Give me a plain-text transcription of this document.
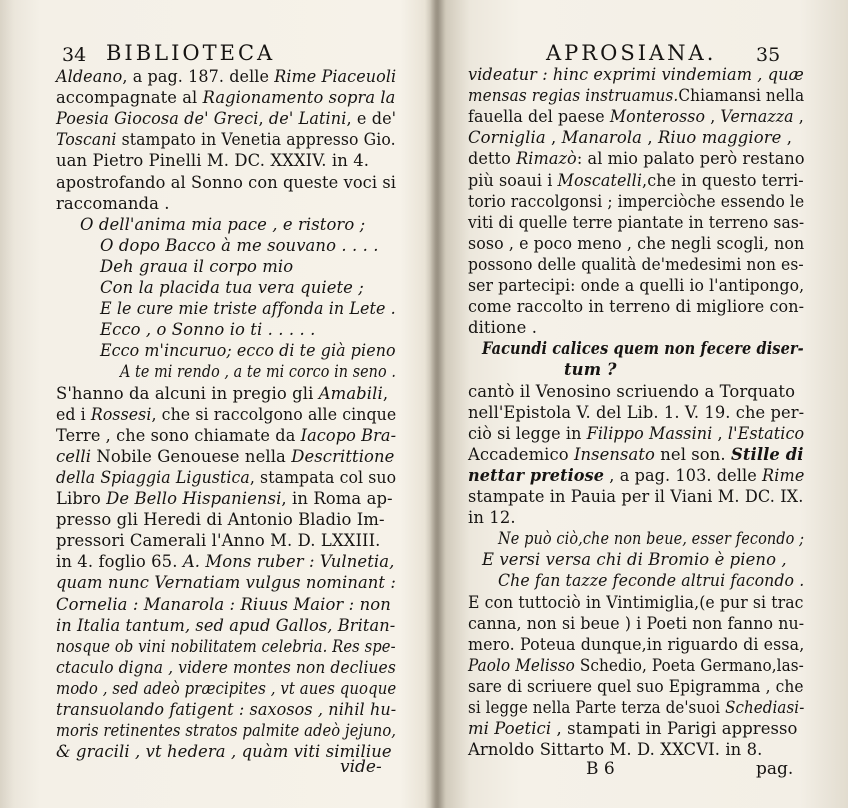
34 BIBLIOTECA
Aldeano, a pag. 187. delle Rime Piaceuoli
accompagnate al Ragionamento sopra la
Poesia Giocosa de' Greci, de' Latini, e de'
Toscani stampato in Venetia appresso Gio.
uan Pietro Pinelli M. DC. XXXIV. in 4.
apostrofando al Sonno con queste voci si
raccomanda .
O dell'anima mia pace , e ristoro ;
O dopo Bacco à me souvano . . . .
Deh graua il corpo mio
Con la placida tua vera quiete ;
E le cure mie triste affonda in Lete .
Ecco , o Sonno io ti . . . . .
Ecco m'incuruo; ecco di te già pieno
A te mi rendo , a te mi corco in seno .
S'hanno da alcuni in pregio gli Amabili,
ed i Rossesi, che si raccolgono alle cinque
Terre , che sono chiamate da Iacopo Bra-
celli Nobile Genouese nella Descrittione
della Spiaggia Ligustica, stampata col suo
Libro De Bello Hispaniensi, in Roma ap-
presso gli Heredi di Antonio Bladio Im-
pressori Camerali l'Anno M. D. LXXIII.
in 4. foglio 65. A. Mons ruber : Vulnetia,
quam nunc Vernatiam vulgus nominant :
Cornelia : Manarola : Riuus Maior : non
in Italia tantum, sed apud Gallos, Britan-
nosque ob vini nobilitatem celebria. Res spe-
ctaculo digna , videre montes non decliues
modo , sed adeò præcipites , vt aues quoque
transuolando fatigent : saxosos , nihil hu-
moris retinentes stratos palmite adeò jejuno,
& gracili , vt hedera , quàm viti similiue
vide-
APROSIANA. 35
videatur : hinc exprimi vindemiam , quæ
mensas regias instruamus.Chiamansi nella
fauella del paese Monterosso , Vernazza ,
Corniglia , Manarola , Riuo maggiore ,
detto Rimazò: al mio palato però restano
più soaui i Moscatelli,che in questo terri-
torio raccolgonsi ; imperciòche essendo le
viti di quelle terre piantate in terreno sas-
soso , e poco meno , che negli scogli, non
possono delle qualità de'medesimi non es-
ser partecipi: onde a quelli io l'antipongo,
come raccolto in terreno di migliore con-
ditione .
Facundi calices quem non fecere diser-
tum ?
cantò il Venosino scriuendo a Torquato
nell'Epistola V. del Lib. 1. V. 19. che per-
ciò si legge in Filippo Massini , l'Estatico
Accademico Insensato nel son. Stille di
nettar pretiose , a pag. 103. delle Rime
stampate in Pauia per il Viani M. DC. IX.
in 12.
Ne può ciò,che non beue, esser fecondo ;
E versi versa chi di Bromio è pieno ,
Che fan tazze feconde altrui facondo .
E con tuttociò in Vintimiglia,(e pur si trac
canna, non si beue ) i Poeti non fanno nu-
mero. Poteua dunque,in riguardo di essa,
Paolo Melisso Schedio, Poeta Germano,las-
sare di scriuere quel suo Epigramma , che
si legge nella Parte terza de'suoi Schediasi-
mi Poetici , stampati in Parigi appresso
Arnoldo Sittarto M. D. XXCVI. in 8.
B 6	pag.
